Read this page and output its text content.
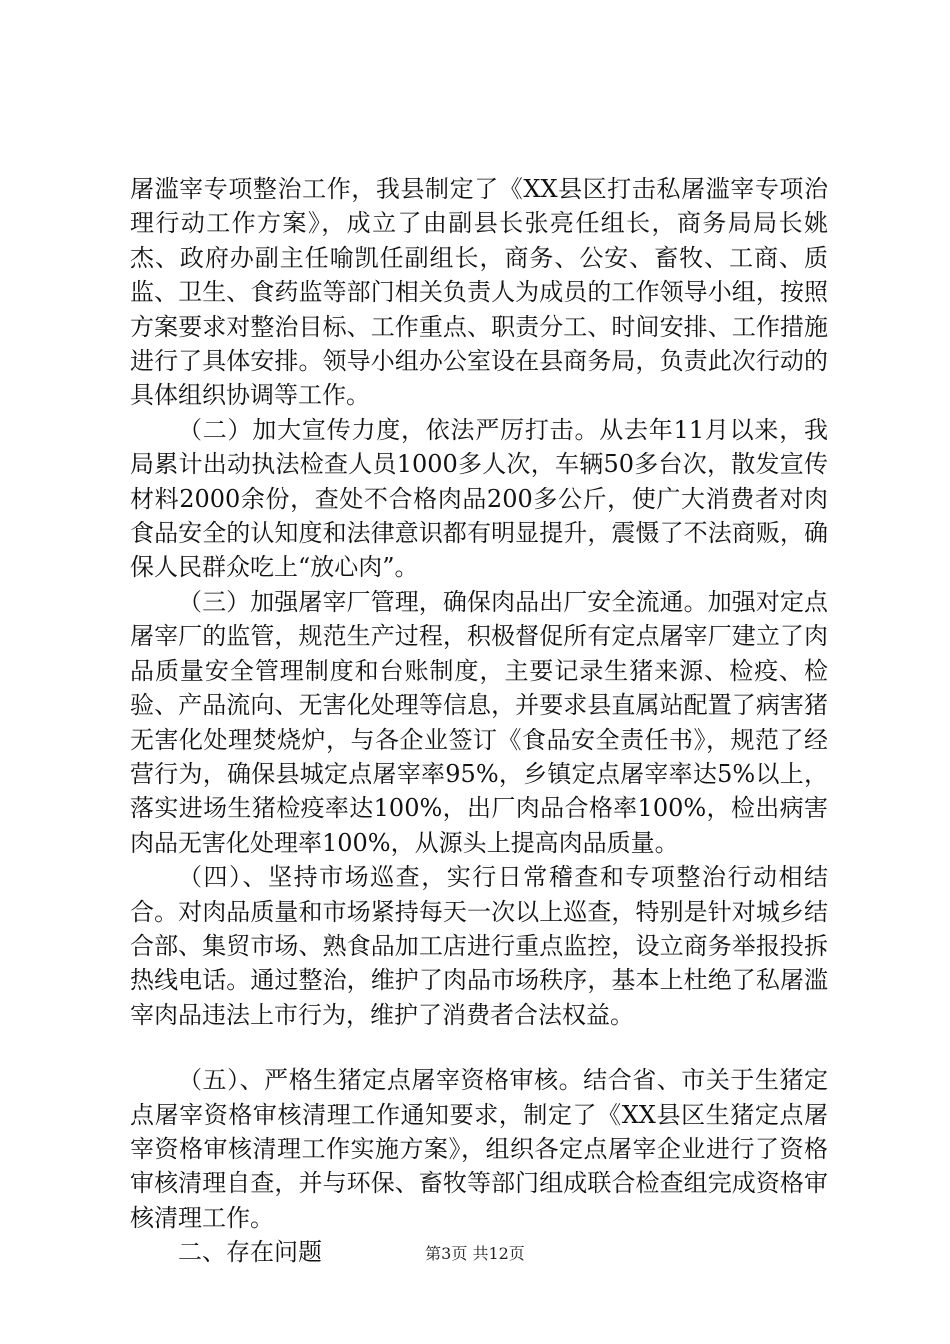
屠滥宰专项整治工作，我县制定了《XX县区打击私屠滥宰专项治理行动工作方案》，成立了由副县长张亮任组长，商务局局长姚杰、政府办副主任喻凯任副组长，商务、公安、畜牧、工商、质监、卫生、食药监等部门相关负责人为成员的工作领导小组，按照方案要求对整治目标、工作重点、职责分工、时间安排、工作措施进行了具体安排。领导小组办公室设在县商务局，负责此次行动的具体组织协调等工作。

（二）加大宣传力度，依法严厉打击。从去年11月以来，我局累计出动执法检查人员1000多人次，车辆50多台次，散发宣传材料2000余份，查处不合格肉品200多公斤，使广大消费者对肉食品安全的认知度和法律意识都有明显提升，震慑了不法商贩，确保人民群众吃上“放心肉”。

（三）加强屠宰厂管理，确保肉品出厂安全流通。加强对定点屠宰厂的监管，规范生产过程，积极督促所有定点屠宰厂建立了肉品质量安全管理制度和台账制度，主要记录生猪来源、检疫、检验、产品流向、无害化处理等信息，并要求县直属站配置了病害猪无害化处理焚烧炉，与各企业签订《食品安全责任书》，规范了经营行为，确保县城定点屠宰率95%，乡镇定点屠宰率达5%以上，落实进场生猪检疫率达100%，出厂肉品合格率100%，检出病害肉品无害化处理率100%，从源头上提高肉品质量。

（四）、坚持市场巡查，实行日常稽查和专项整治行动相结合。对肉品质量和市场紧持每天一次以上巡查，特别是针对城乡结合部、集贸市场、熟食品加工店进行重点监控，设立商务举报投拆热线电话。通过整治，维护了肉品市场秩序，基本上杜绝了私屠滥宰肉品违法上市行为，维护了消费者合法权益。

（五）、严格生猪定点屠宰资格审核。结合省、市关于生猪定点屠宰资格审核清理工作通知要求，制定了《XX县区生猪定点屠宰资格审核清理工作实施方案》，组织各定点屠宰企业进行了资格审核清理自查，并与环保、畜牧等部门组成联合检查组完成资格审核清理工作。

二、存在问题	第3页 共12页
